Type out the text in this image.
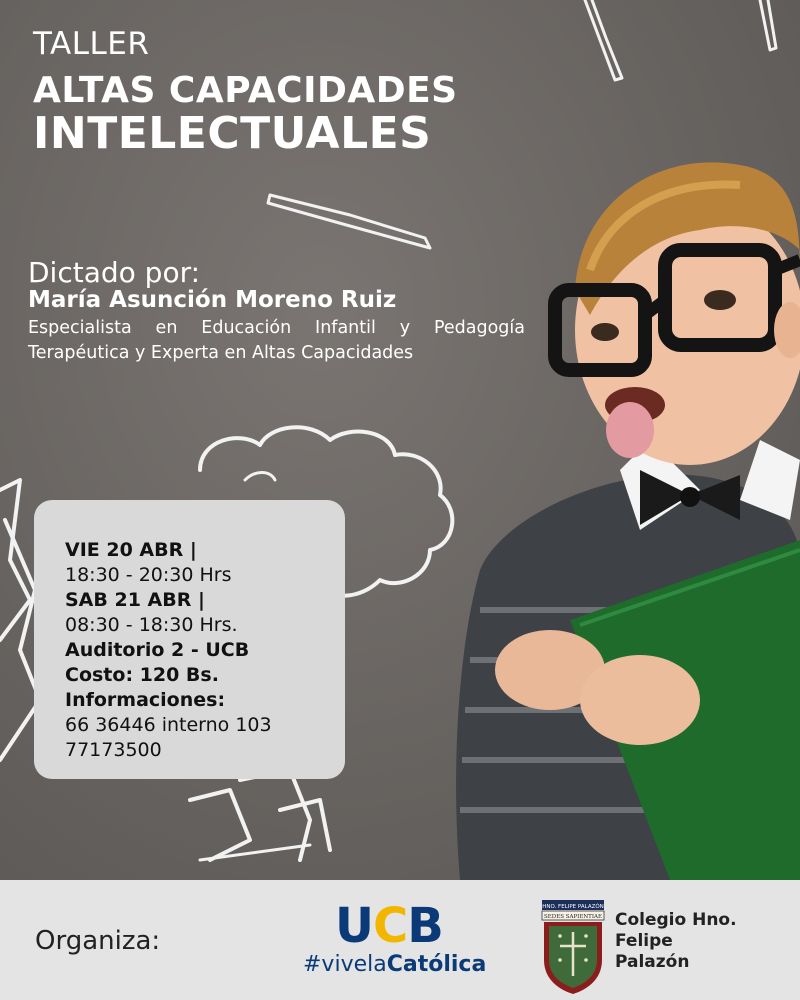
TALLER
ALTAS CAPACIDADES
INTELECTUALES
Dictado por:
María Asunción Moreno Ruiz
Especialista en Educación Infantil y Pedagogía Terapéutica y Experta en Altas Capacidades
VIE 20 ABR |
18:30 - 20:30 Hrs
SAB 21 ABR |
08:30 - 18:30 Hrs.
Auditorio 2 - UCB
Costo: 120 Bs.
Informaciones:
66 36446 interno 103
77173500
Organiza:	UCB
#vivelaCatólica
HNO. FELIPE PALAZÓN
SEDES SAPIENTIAE Colegio Hno.
Felipe
Palazón
